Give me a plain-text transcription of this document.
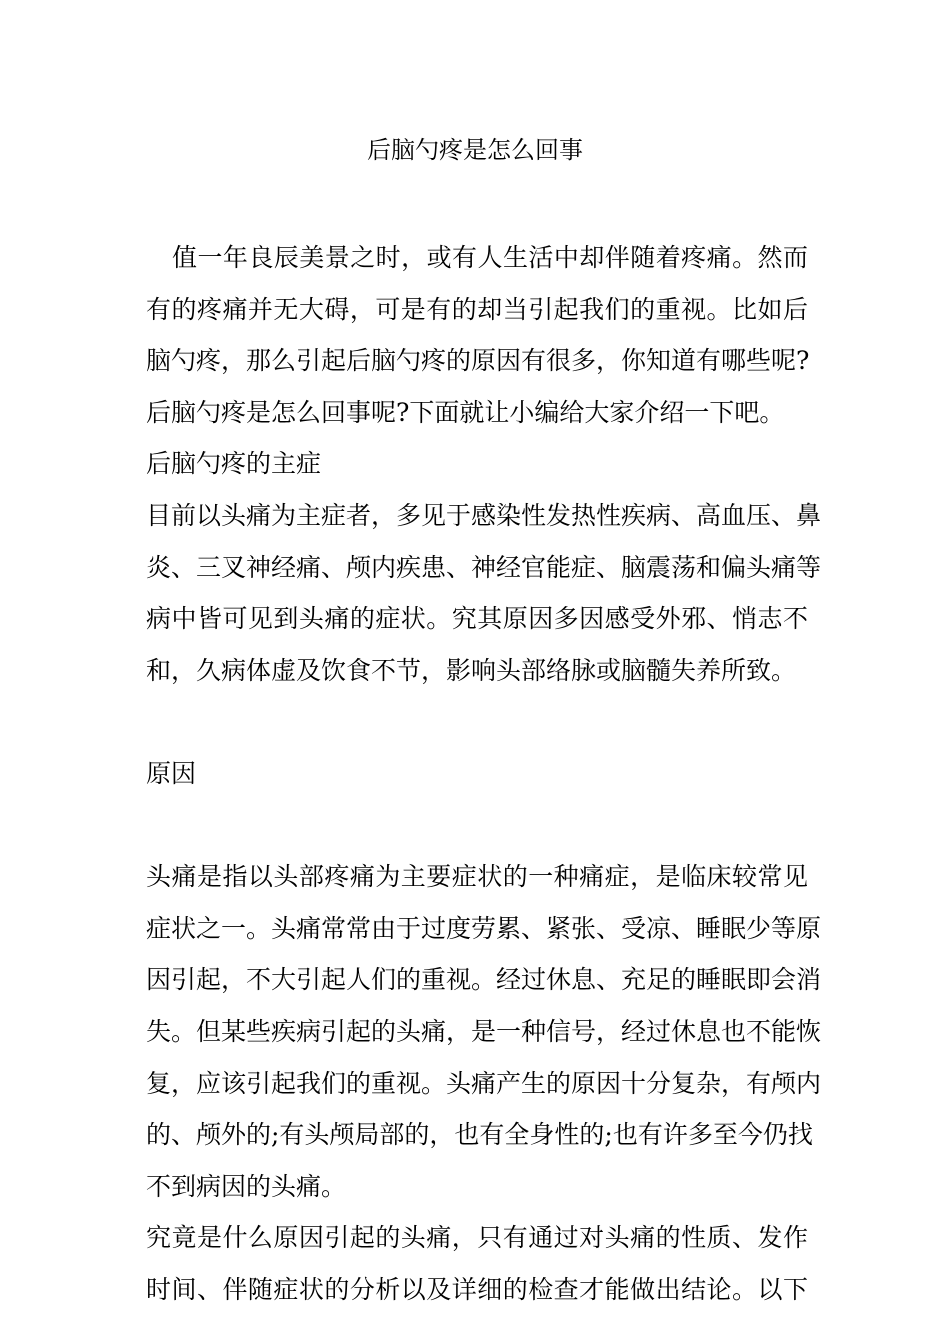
后脑勺疼是怎么回事
值一年良辰美景之时，或有人生活中却伴随着疼痛。然而
有的疼痛并无大碍，可是有的却当引起我们的重视。比如后
脑勺疼，那么引起后脑勺疼的原因有很多，你知道有哪些呢?
后脑勺疼是怎么回事呢?下面就让小编给大家介绍一下吧。
后脑勺疼的主症
目前以头痛为主症者，多见于感染性发热性疾病、高血压、鼻
炎、三叉神经痛、颅内疾患、神经官能症、脑震荡和偏头痛等
病中皆可见到头痛的症状。究其原因多因感受外邪、悄志不
和，久病体虚及饮食不节，影响头部络脉或脑髓失养所致。
原因
头痛是指以头部疼痛为主要症状的一种痛症，是临床较常见
症状之一。头痛常常由于过度劳累、紧张、受凉、睡眠少等原
因引起，不大引起人们的重视。经过休息、充足的睡眠即会消
失。但某些疾病引起的头痛，是一种信号，经过休息也不能恢
复，应该引起我们的重视。头痛产生的原因十分复杂，有颅内
的、颅外的;有头颅局部的，也有全身性的;也有许多至今仍找
不到病因的头痛。
究竟是什么原因引起的头痛，只有通过对头痛的性质、发作
时间、伴随症状的分析以及详细的检查才能做出结论。以下
